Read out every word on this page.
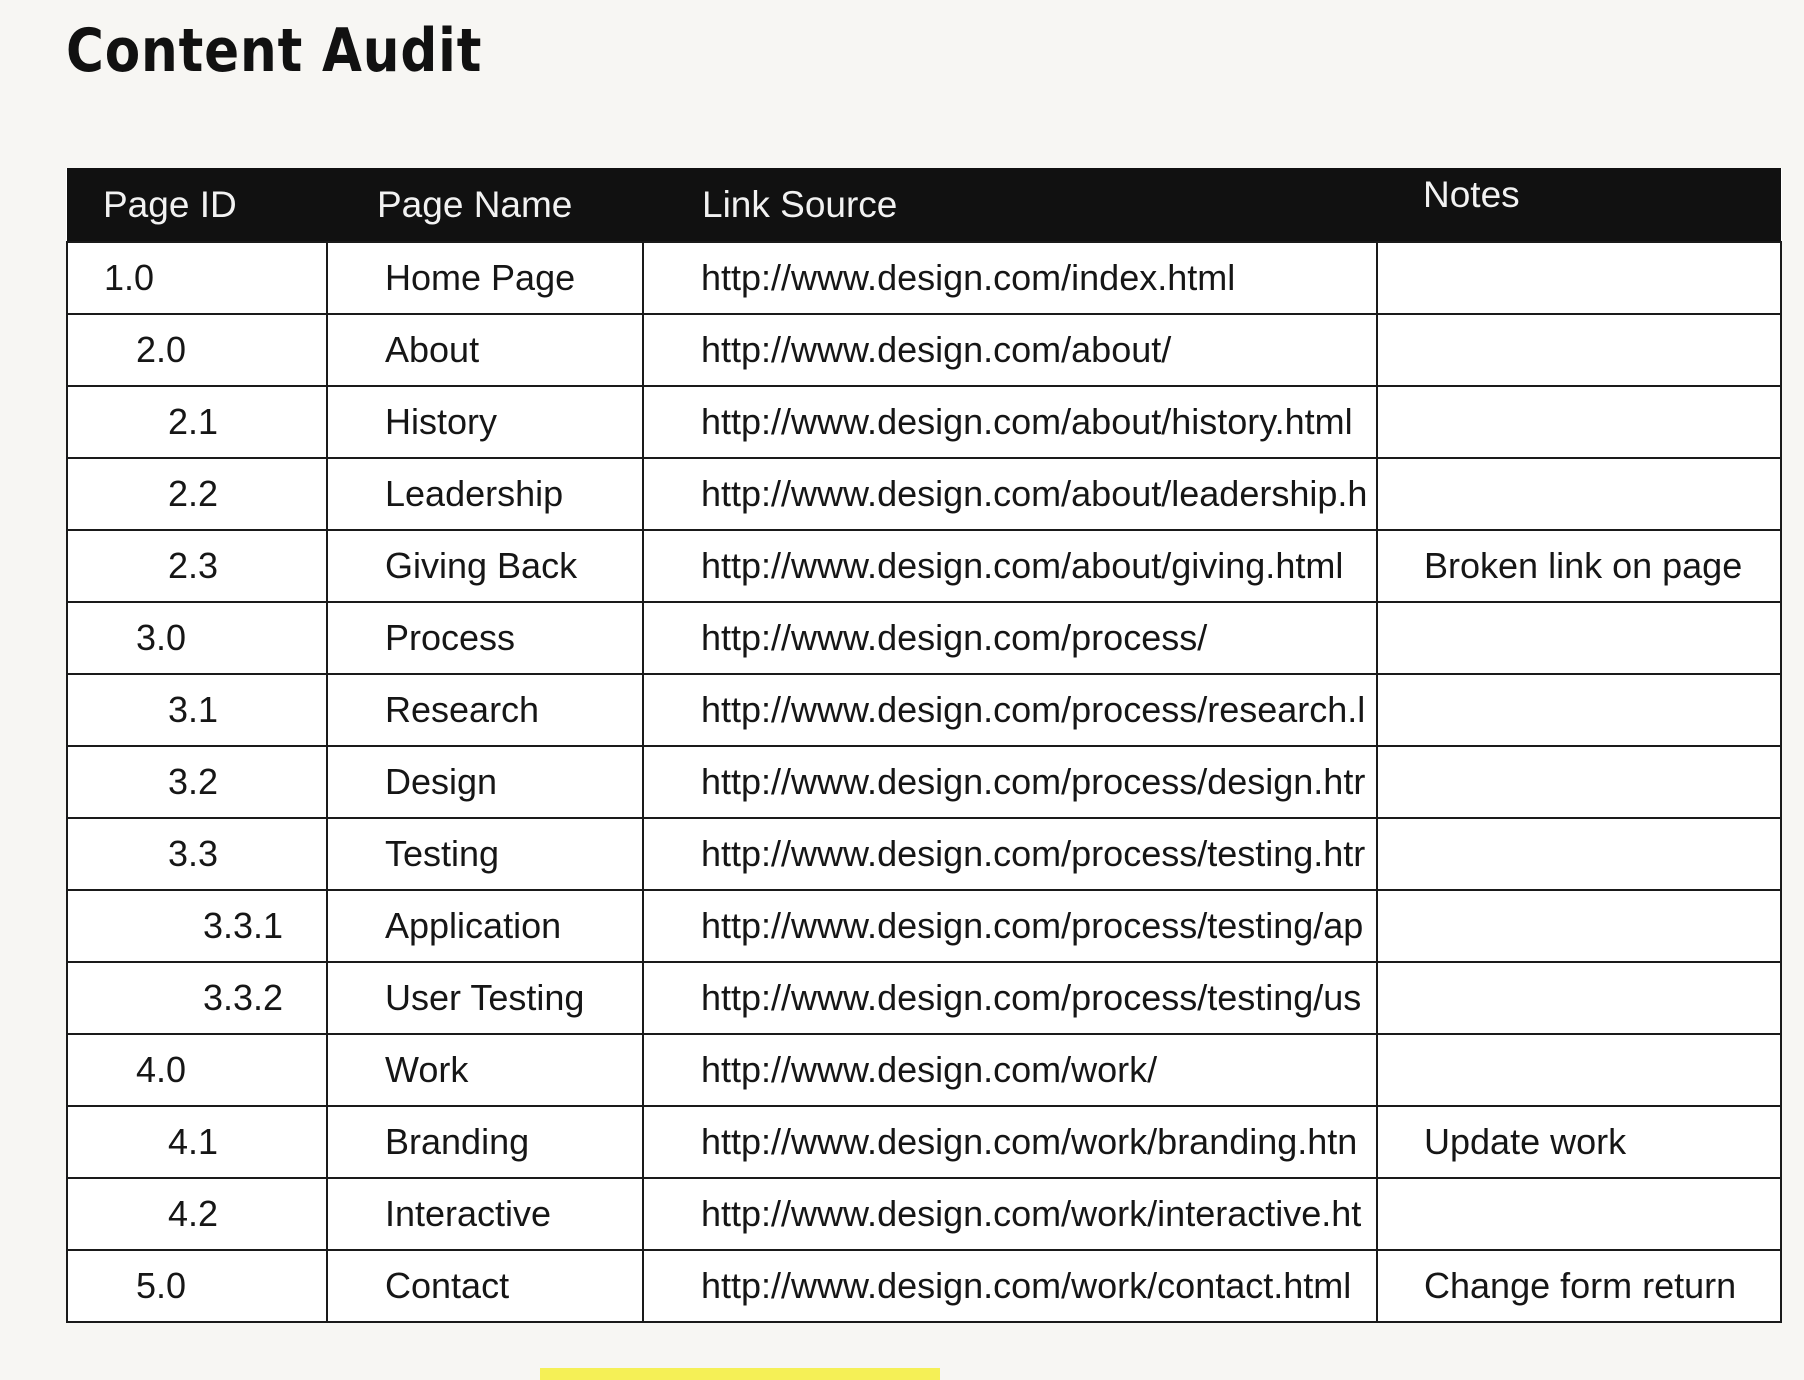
Content Audit
Page ID	Page Name	Link Source	Notes
1.0	Home Page	http://www.design.com/index.html	
2.0	About	http://www.design.com/about/	
2.1	History	http://www.design.com/about/history.html	
2.2	Leadership	http://www.design.com/about/leadership.h	
2.3	Giving Back	http://www.design.com/about/giving.html	Broken link on page
3.0	Process	http://www.design.com/process/	
3.1	Research	http://www.design.com/process/research.l	
3.2	Design	http://www.design.com/process/design.htr	
3.3	Testing	http://www.design.com/process/testing.htr	
3.3.1	Application	http://www.design.com/process/testing/ap	
3.3.2	User Testing	http://www.design.com/process/testing/us	
4.0	Work	http://www.design.com/work/	
4.1	Branding	http://www.design.com/work/branding.htn	Update work
4.2	Interactive	http://www.design.com/work/interactive.ht	
5.0	Contact	http://www.design.com/work/contact.html	Change form return
